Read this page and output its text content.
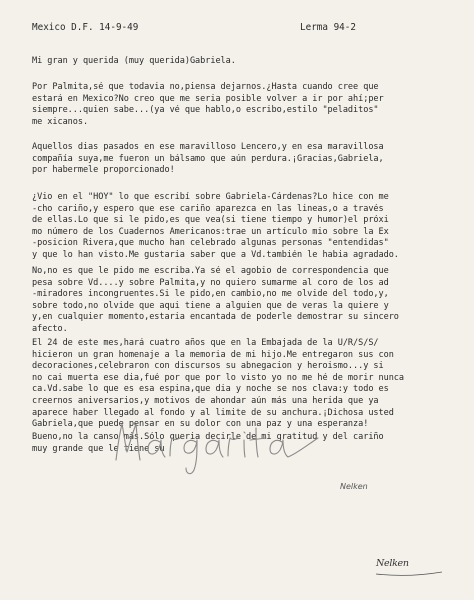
Mexico D.F. 14-9-49	Lerma 94-2
Mi gran y querida (muy querida)Gabriela.
Por Palmita,sé que todavia no,piensa dejarnos.¿Hasta cuando cree que
estará en Mexico?No creo que me seria posible volver a ir por ahí;per
siempre...quien sabe...(ya vé que hablo,o escribo,estilo "peladitos"
me xicanos.
Aquellos dias pasados en ese maravilloso Lencero,y en esa maravillosa
compañía suya,me fueron un bálsamo que aún perdura.¡Gracias,Gabriela,
por habermele proporcionado!
¿Vio en el "HOY" lo que escribí sobre Gabriela-Cárdenas?Lo hice con me
-cho cariño,y espero que ese cariño aparezca en las lineas,o a través
de ellas.Lo que si le pido,es que vea(si tiene tiempo y humor)el próxi
mo número de los Cuadernos Americanos:trae un artículo mio sobre la Ex
-posicion Rivera,que mucho han celebrado algunas personas "entendidas"
y que lo han visto.Me gustaria saber que a Vd.también le habia agradado.
No,no es que le pido me escriba.Ya sé el agobio de correspondencia que
pesa sobre Vd....y sobre Palmita,y no quiero sumarme al coro de los ad
-miradores incongruentes.Si le pido,en cambio,no me olvide del todo,y,
sobre todo,no olvide que aqui tiene a alguien que de veras la quiere y
y,en cualquier momento,estaria encantada de poderle demostrar su sincero
afecto.
El 24 de este mes,hará cuatro años que en la Embajada de la U/R/S/S/
hicieron un gran homenaje a la memoria de mi hijo.Me entregaron sus con
decoraciones,celebraron con discursos su abnegacion y heroismo...y si
no cai muerta ese dia,fué por que por lo visto yo no me hé de morir nunca
ca.Vd.sabe lo que es esa espina,que dia y noche se nos clava:y todo es
creernos aniversarios,y motivos de ahondar aún más una herida que ya
aparece haber llegado al fondo y al limite de su anchura.¡Dichosa usted
Gabriela,que puede pensar en su dolor con una paz y una esperanza!
Bueno,no la canso más.Sólo queria decirle de mi gratitud y del cariño
muy grande que le tiene su
Nelken
Nelken
